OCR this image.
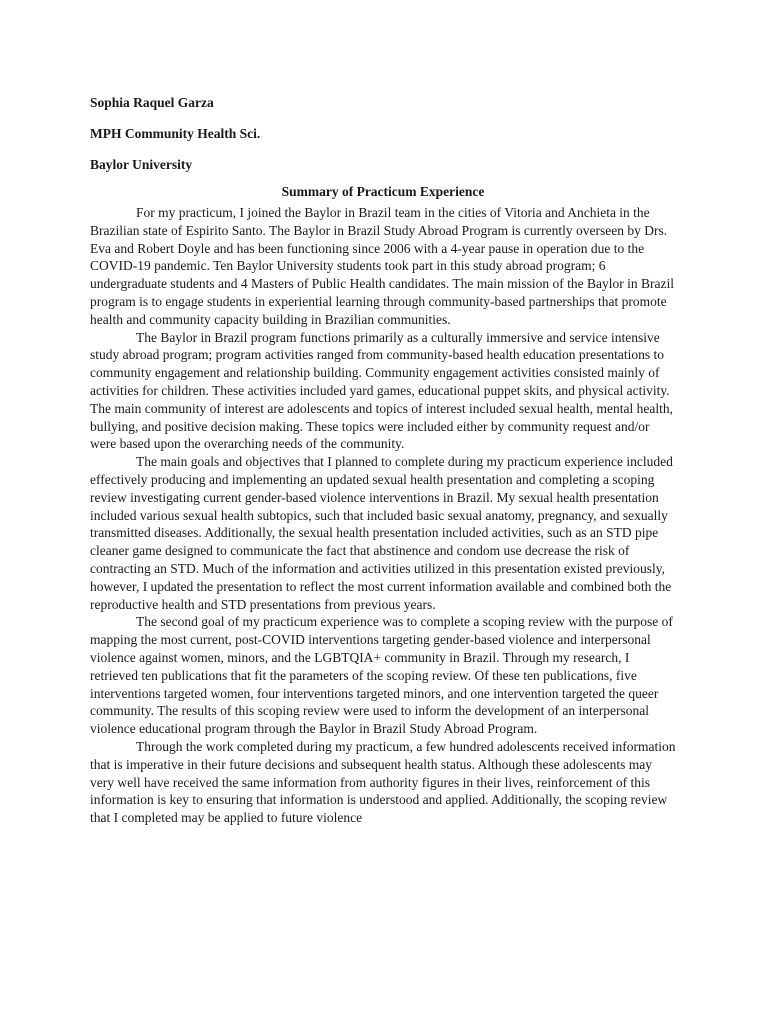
Sophia Raquel Garza
MPH Community Health Sci.
Baylor University
Summary of Practicum Experience

For my practicum, I joined the Baylor in Brazil team in the cities of Vitoria and Anchieta in the Brazilian state of Espirito Santo. The Baylor in Brazil Study Abroad Program is currently overseen by Drs. Eva and Robert Doyle and has been functioning since 2006 with a 4-year pause in operation due to the COVID-19 pandemic. Ten Baylor University students took part in this study abroad program; 6 undergraduate students and 4 Masters of Public Health candidates. The main mission of the Baylor in Brazil program is to engage students in experiential learning through community-based partnerships that promote health and community capacity building in Brazilian communities.

The Baylor in Brazil program functions primarily as a culturally immersive and service intensive study abroad program; program activities ranged from community-based health education presentations to community engagement and relationship building. Community engagement activities consisted mainly of activities for children. These activities included yard games, educational puppet skits, and physical activity. The main community of interest are adolescents and topics of interest included sexual health, mental health, bullying, and positive decision making. These topics were included either by community request and/or were based upon the overarching needs of the community.

The main goals and objectives that I planned to complete during my practicum experience included effectively producing and implementing an updated sexual health presentation and completing a scoping review investigating current gender-based violence interventions in Brazil. My sexual health presentation included various sexual health subtopics, such that included basic sexual anatomy, pregnancy, and sexually transmitted diseases. Additionally, the sexual health presentation included activities, such as an STD pipe cleaner game designed to communicate the fact that abstinence and condom use decrease the risk of contracting an STD. Much of the information and activities utilized in this presentation existed previously, however, I updated the presentation to reflect the most current information available and combined both the reproductive health and STD presentations from previous years.

The second goal of my practicum experience was to complete a scoping review with the purpose of mapping the most current, post-COVID interventions targeting gender-based violence and interpersonal violence against women, minors, and the LGBTQIA+ community in Brazil. Through my research, I retrieved ten publications that fit the parameters of the scoping review. Of these ten publications, five interventions targeted women, four interventions targeted minors, and one intervention targeted the queer community. The results of this scoping review were used to inform the development of an interpersonal violence educational program through the Baylor in Brazil Study Abroad Program.

Through the work completed during my practicum, a few hundred adolescents received information that is imperative in their future decisions and subsequent health status. Although these adolescents may very well have received the same information from authority figures in their lives, reinforcement of this information is key to ensuring that information is understood and applied. Additionally, the scoping review that I completed may be applied to future violence
